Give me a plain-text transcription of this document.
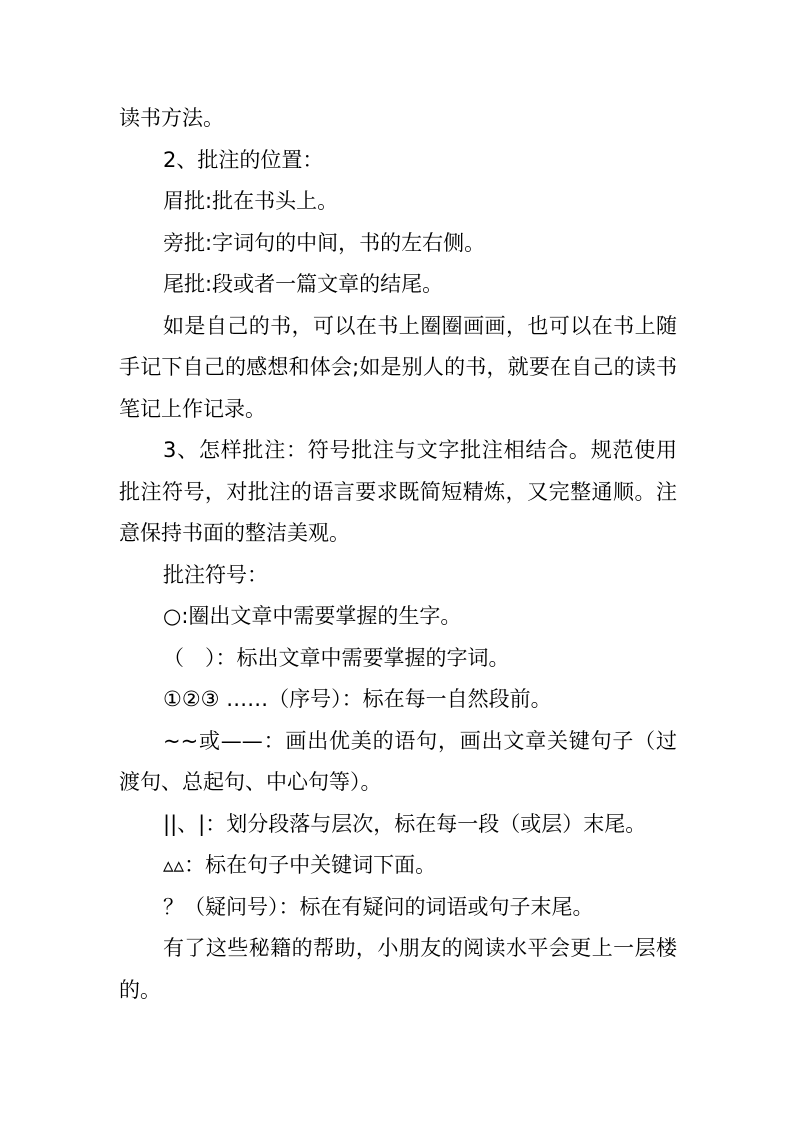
读书方法。
2、批注的位置：
眉批:批在书头上。
旁批:字词句的中间，书的左右侧。
尾批:段或者一篇文章的结尾。
如是自己的书，可以在书上圈圈画画，也可以在书上随
手记下自己的感想和体会;如是别人的书，就要在自己的读书
笔记上作记录。
3、怎样批注：符号批注与文字批注相结合。规范使用
批注符号，对批注的语言要求既简短精炼，又完整通顺。注
意保持书面的整洁美观。
批注符号：
○:圈出文章中需要掌握的生字。
（　）：标出文章中需要掌握的字词。
①②③ ……（序号）：标在每一自然段前。
~~或——：画出优美的语句，画出文章关键句子（过
渡句、总起句、中心句等）。
||、|：划分段落与层次，标在每一段（或层）末尾。
▵▵：标在句子中关键词下面。
？（疑问号）：标在有疑问的词语或句子末尾。
有了这些秘籍的帮助，小朋友的阅读水平会更上一层楼
的。
